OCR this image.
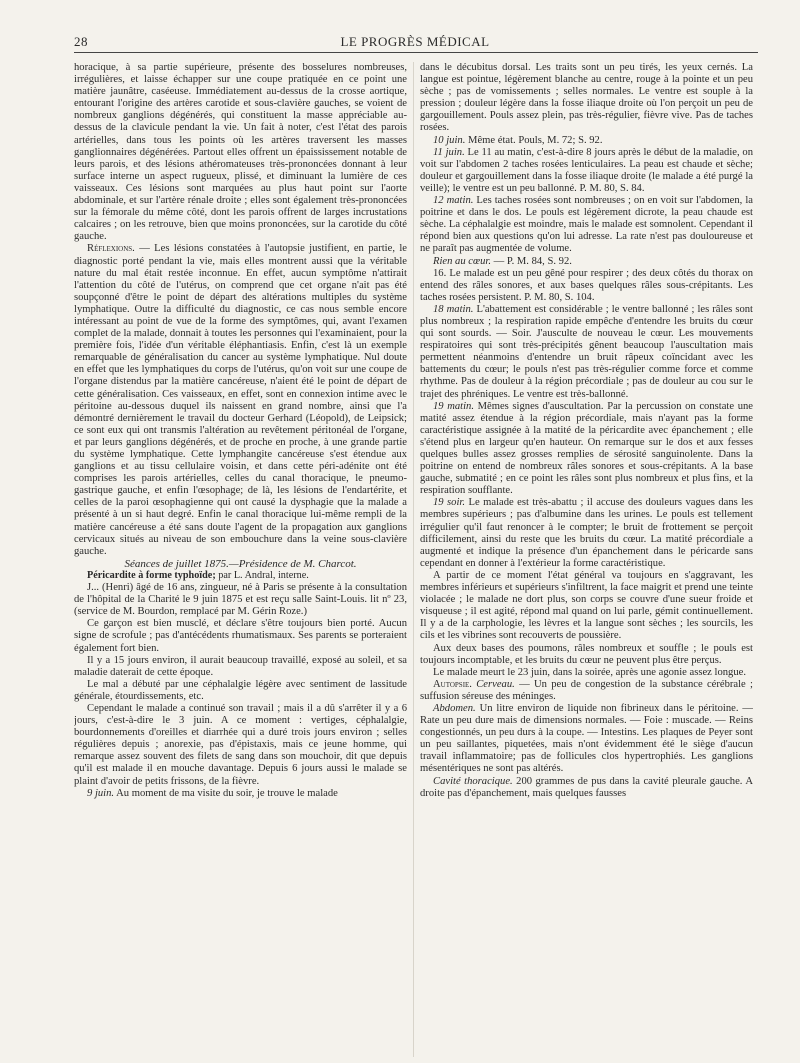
28	LE PROGRÈS MÉDICAL

horacique, à sa partie supérieure, présente des bosselures nombreuses, irrégulières, et laisse échapper sur une coupe pratiquée en ce point une matière jaunâtre, caséeuse. Immédiatement au-dessus de la crosse aortique, entourant l'origine des artères carotide et sous-clavière gauches, se voient de nombreux ganglions dégénérés, qui constituent la masse appréciable au-dessus de la clavicule pendant la vie. Un fait à noter, c'est l'état des parois artérielles, dans tous les points où les artères traversent les masses ganglionnaires dégénérées. Partout elles offrent un épaississement notable de leurs parois, et des lésions athéromateuses très-prononcées donnant à leur surface interne un aspect rugueux, plissé, et diminuant la lumière de ces vaisseaux. Ces lésions sont marquées au plus haut point sur l'aorte abdominale, et sur l'artère rénale droite ; elles sont également très-prononcées sur la fémorale du même côté, dont les parois offrent de larges incrustations calcaires ; on les retrouve, bien que moins prononcées, sur la carotide du côté gauche.

Réflexions. — Les lésions constatées à l'autopsie justifient, en partie, le diagnostic porté pendant la vie, mais elles montrent aussi que la véritable nature du mal était restée inconnue. En effet, aucun symptôme n'attirait l'attention du côté de l'utérus, on comprend que cet organe n'ait pas été soupçonné d'être le point de départ des altérations multiples du système lymphatique. Outre la difficulté du diagnostic, ce cas nous semble encore intéressant au point de vue de la forme des symptômes, qui, avant l'examen complet de la malade, donnait à toutes les personnes qui l'examinaient, pour la première fois, l'idée d'un véritable éléphantiasis. Enfin, c'est là un exemple remarquable de généralisation du cancer au système lymphatique. Nul doute en effet que les lymphatiques du corps de l'utérus, qu'on voit sur une coupe de l'organe distendus par la matière cancéreuse, n'aient été le point de départ de cette généralisation. Ces vaisseaux, en effet, sont en connexion intime avec le péritoine au-dessous duquel ils naissent en grand nombre, ainsi que l'a démontré dernièrement le travail du docteur Gerhard (Léopold), de Leipsick; ce sont eux qui ont transmis l'altération au revêtement péritonéal de l'organe, et par leurs ganglions dégénérés, et de proche en proche, à une grande partie du système lymphatique. Cette lymphangite cancéreuse s'est étendue aux ganglions et au tissu cellulaire voisin, et dans cette péri-adénite ont été comprises les parois artérielles, celles du canal thoracique, le pneumo-gastrique gauche, et enfin l'œsophage; de là, les lésions de l'endartérite, et celles de la paroi œsophagienne qui ont causé la dysphagie que la malade a présenté à un si haut degré. Enfin le canal thoracique lui-même rempli de la matière cancéreuse a été sans doute l'agent de la propagation aux ganglions cervicaux situés au niveau de son embouchure dans la veine sous-clavière gauche.

Séances de juillet 1875.—Présidence de M. Charcot.

Péricardite à forme typhoïde; par L. Andral, interne.

J... (Henri) âgé de 16 ans, zingueur, né à Paris se présente à la consultation de l'hôpital de la Charité le 9 juin 1875 et est reçu salle Saint-Louis. lit nº 23, (service de M. Bourdon, remplacé par M. Gérin Roze.)

Ce garçon est bien musclé, et déclare s'être toujours bien porté. Aucun signe de scrofule ; pas d'antécédents rhumatismaux. Ses parents se porteraient également fort bien.

Il y a 15 jours environ, il aurait beaucoup travaillé, exposé au soleil, et sa maladie daterait de cette époque.

Le mal a débuté par une céphalalgie légère avec sentiment de lassitude générale, étourdissements, etc.

Cependant le malade a continué son travail ; mais il a dû s'arrêter il y a 6 jours, c'est-à-dire le 3 juin. A ce moment : vertiges, céphalalgie, bourdonnements d'oreilles et diarrhée qui a duré trois jours environ ; selles régulières depuis ; anorexie, pas d'épistaxis, mais ce jeune homme, qui remarque assez souvent des filets de sang dans son mouchoir, dit que depuis qu'il est malade il en mouche davantage. Depuis 6 jours aussi le malade se plaint d'avoir de petits frissons, de la fièvre.

9 juin. Au moment de ma visite du soir, je trouve le malade

dans le décubitus dorsal. Les traits sont un peu tirés, les yeux cernés. La langue est pointue, légèrement blanche au centre, rouge à la pointe et un peu sèche ; pas de vomissements ; selles normales. Le ventre est souple à la pression ; douleur légère dans la fosse iliaque droite où l'on perçoit un peu de gargouillement. Pouls assez plein, pas très-régulier, fièvre vive. Pas de taches rosées.

10 juin. Même état. Pouls, M. 72; S. 92.

11 juin. Le 11 au matin, c'est-à-dire 8 jours après le début de la maladie, on voit sur l'abdomen 2 taches rosées lenticulaires. La peau est chaude et sèche; douleur et gargouillement dans la fosse iliaque droite (le malade a été purgé la veille); le ventre est un peu ballonné. P. M. 80, S. 84.

12 matin. Les taches rosées sont nombreuses ; on en voit sur l'abdomen, la poitrine et dans le dos. Le pouls est légèrement dicrote, la peau chaude est sèche. La céphalalgie est moindre, mais le malade est somnolent. Cependant il répond bien aux questions qu'on lui adresse. La rate n'est pas douloureuse et ne paraît pas augmentée de volume.

Rien au cœur. — P. M. 84, S. 92.

16. Le malade est un peu gêné pour respirer ; des deux côtés du thorax on entend des râles sonores, et aux bases quelques râles sous-crépitants. Les taches rosées persistent. P. M. 80, S. 104.

18 matin. L'abattement est considérable ; le ventre ballonné ; les râles sont plus nombreux ; la respiration rapide empêche d'entendre les bruits du cœur qui sont sourds. — Soir. J'ausculte de nouveau le cœur. Les mouvements respiratoires qui sont très-précipités gênent beaucoup l'auscultation mais permettent néanmoins d'entendre un bruit râpeux coïncidant avec les battements du cœur; le pouls n'est pas très-régulier comme force et comme rhythme. Pas de douleur à la région précordiale ; pas de douleur au cou sur le trajet des phréniques. Le ventre est très-ballonné.

19 matin. Mêmes signes d'auscultation. Par la percussion on constate une matité assez étendue à la région précordiale, mais n'ayant pas la forme caractéristique assignée à la matité de la péricardite avec épanchement ; elle s'étend plus en largeur qu'en hauteur. On remarque sur le dos et aux fesses quelques bulles assez grosses remplies de sérosité sanguinolente. Dans la poitrine on entend de nombreux râles sonores et sous-crépitants. A la base gauche, submatité ; en ce point les râles sont plus nombreux et plus fins, et la respiration soufflante.

19 soir. Le malade est très-abattu ; il accuse des douleurs vagues dans les membres supérieurs ; pas d'albumine dans les urines. Le pouls est tellement irrégulier qu'il faut renoncer à le compter; le bruit de frottement se perçoit difficilement, ainsi du reste que les bruits du cœur. La matité précordiale a augmenté et indique la présence d'un épanchement dans le péricarde sans cependant en donner à l'extérieur la forme caractéristique.

A partir de ce moment l'état général va toujours en s'aggravant, les membres inférieurs et supérieurs s'infiltrent, la face maigrit et prend une teinte violacée ; le malade ne dort plus, son corps se couvre d'une sueur froide et visqueuse ; il est agité, répond mal quand on lui parle, gémit continuellement. Il y a de la carphologie, les lèvres et la langue sont sèches ; les sourcils, les cils et les vibrines sont recouverts de poussière.

Aux deux bases des poumons, râles nombreux et souffle ; le pouls est toujours incomptable, et les bruits du cœur ne peuvent plus être perçus.

Le malade meurt le 23 juin, dans la soirée, après une agonie assez longue.

Autopsie. Cerveau. — Un peu de congestion de la substance cérébrale ; suffusion séreuse des méninges.

Abdomen. Un litre environ de liquide non fibrineux dans le péritoine. — Rate un peu dure mais de dimensions normales. — Foie : muscade. — Reins congestionnés, un peu durs à la coupe. — Intestins. Les plaques de Peyer sont un peu saillantes, piquetées, mais n'ont évidemment été le siège d'aucun travail inflammatoire; pas de follicules clos hypertrophiés. Les ganglions mésentériques ne sont pas altérés.

Cavité thoracique. 200 grammes de pus dans la cavité pleurale gauche. A droite pas d'épanchement, mais quelques fausses
